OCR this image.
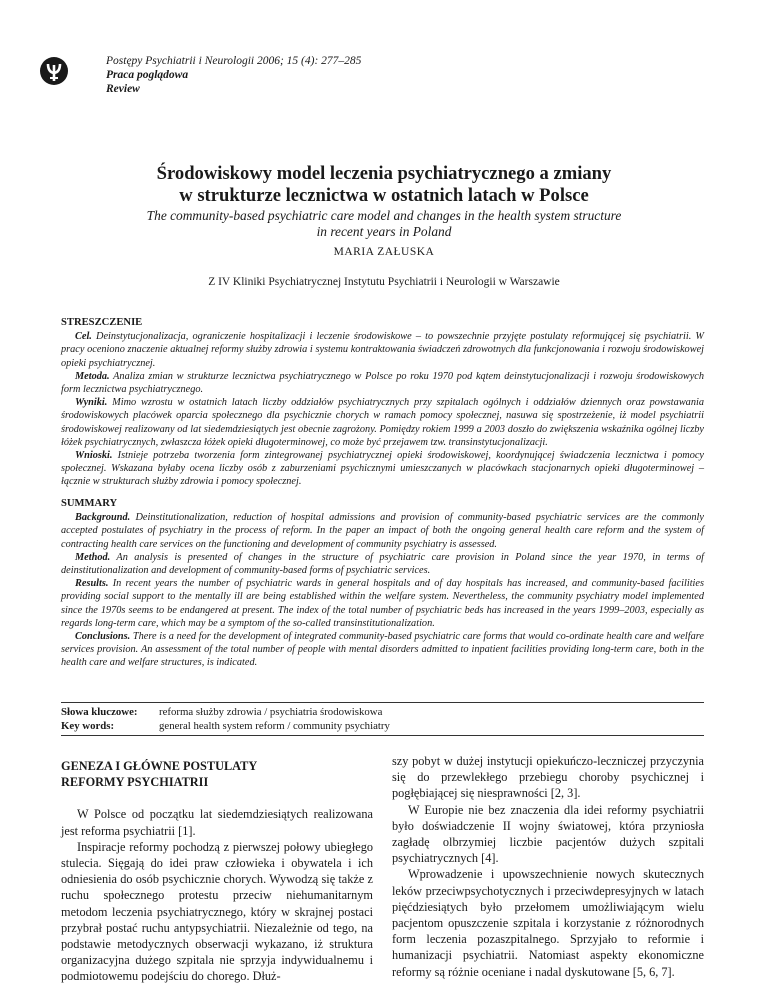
Postępy Psychiatrii i Neurologii 2006; 15 (4): 277–285
Praca poglądowa
Review
Środowiskowy model leczenia psychiatrycznego a zmiany
w strukturze lecznictwa w ostatnich latach w Polsce
The community-based psychiatric care model and changes in the health system structure
in recent years in Poland
MARIA ZAŁUSKA
Z IV Kliniki Psychiatrycznej Instytutu Psychiatrii i Neurologii w Warszawie
STRESZCZENIE

Cel. Deinstytucjonalizacja, ograniczenie hospitalizacji i leczenie środowiskowe – to powszechnie przyjęte postulaty reformującej się psychiatrii. W pracy oceniono znaczenie aktualnej reformy służby zdrowia i systemu kontraktowania świadczeń zdrowotnych dla funkcjonowania i rozwoju środowiskowej opieki psychiatrycznej.

Metoda. Analiza zmian w strukturze lecznictwa psychiatrycznego w Polsce po roku 1970 pod kątem deinstytucjonalizacji i rozwoju środowiskowych form lecznictwa psychiatrycznego.

Wyniki. Mimo wzrostu w ostatnich latach liczby oddziałów psychiatrycznych przy szpitalach ogólnych i oddziałów dziennych oraz powstawania środowiskowych placówek oparcia społecznego dla psychicznie chorych w ramach pomocy społecznej, nasuwa się spostrzeżenie, iż model psychiatrii środowiskowej realizowany od lat siedemdziesiątych jest obecnie zagrożony. Pomiędzy rokiem 1999 a 2003 doszło do zwiększenia wskaźnika ogólnej liczby łóżek psychiatrycznych, zwłaszcza łóżek opieki długoterminowej, co może być przejawem tzw. transinstytucjonalizacji.

Wnioski. Istnieje potrzeba tworzenia form zintegrowanej psychiatrycznej opieki środowiskowej, koordynującej świadczenia lecznictwa i pomocy społecznej. Wskazana byłaby ocena liczby osób z zaburzeniami psychicznymi umieszczanych w placówkach stacjonarnych opieki długoterminowej – łącznie w strukturach służby zdrowia i pomocy społecznej.

SUMMARY

Background. Deinstitutionalization, reduction of hospital admissions and provision of community-based psychiatric services are the commonly accepted postulates of psychiatry in the process of reform. In the paper an impact of both the ongoing general health care reform and the system of contracting health care services on the functioning and development of community psychiatry is assessed.

Method. An analysis is presented of changes in the structure of psychiatric care provision in Poland since the year 1970, in terms of deinstitutionalization and development of community-based forms of psychiatric services.

Results. In recent years the number of psychiatric wards in general hospitals and of day hospitals has increased, and community-based facilities providing social support to the mentally ill are being established within the welfare system. Nevertheless, the community psychiatry model implemented since the 1970s seems to be endangered at present. The index of the total number of psychiatric beds has increased in the years 1999–2003, especially as regards long-term care, which may be a symptom of the so-called transinstitutionalization.

Conclusions. There is a need for the development of integrated community-based psychiatric care forms that would co-ordinate health care and welfare services provision. An assessment of the total number of people with mental disorders admitted to inpatient facilities providing long-term care, both in the health care and welfare structures, is indicated.

Słowa kluczowe:	reforma służby zdrowia / psychiatria środowiskowa
Key words:	general health system reform / community psychiatry
GENEZA I GŁÓWNE POSTULATY
REFORMY PSYCHIATRII

W Polsce od początku lat siedemdziesiątych realizowana jest reforma psychiatrii [1].

Inspiracje reformy pochodzą z pierwszej połowy ubiegłego stulecia. Sięgają do idei praw człowieka i obywatela i ich odniesienia do osób psychicznie chorych. Wywodzą się także z ruchu społecznego protestu przeciw niehumanitarnym metodom leczenia psychiatrycznego, który w skrajnej postaci przybrał postać ruchu antypsychiatrii. Niezależnie od tego, na podstawie metodycznych obserwacji wykazano, iż struktura organizacyjna dużego szpitala nie sprzyja indywidualnemu i podmiotowemu podejściu do chorego. Dłuż-

szy pobyt w dużej instytucji opiekuńczo-leczniczej przyczynia się do przewlekłego przebiegu choroby psychicznej i pogłębiającej się niesprawności [2, 3].

W Europie nie bez znaczenia dla idei reformy psychiatrii było doświadczenie II wojny światowej, która przyniosła zagładę olbrzymiej liczbie pacjentów dużych szpitali psychiatrycznych [4].

Wprowadzenie i upowszechnienie nowych skutecznych leków przeciwpsychotycznych i przeciwdepresyjnych w latach pięćdziesiątych było przełomem umożliwiającym wielu pacjentom opuszczenie szpitala i korzystanie z różnorodnych form leczenia pozaszpitalnego. Sprzyjało to reformie i humanizacji psychiatrii. Natomiast aspekty ekonomiczne reformy są różnie oceniane i nadal dyskutowane [5, 6, 7].
